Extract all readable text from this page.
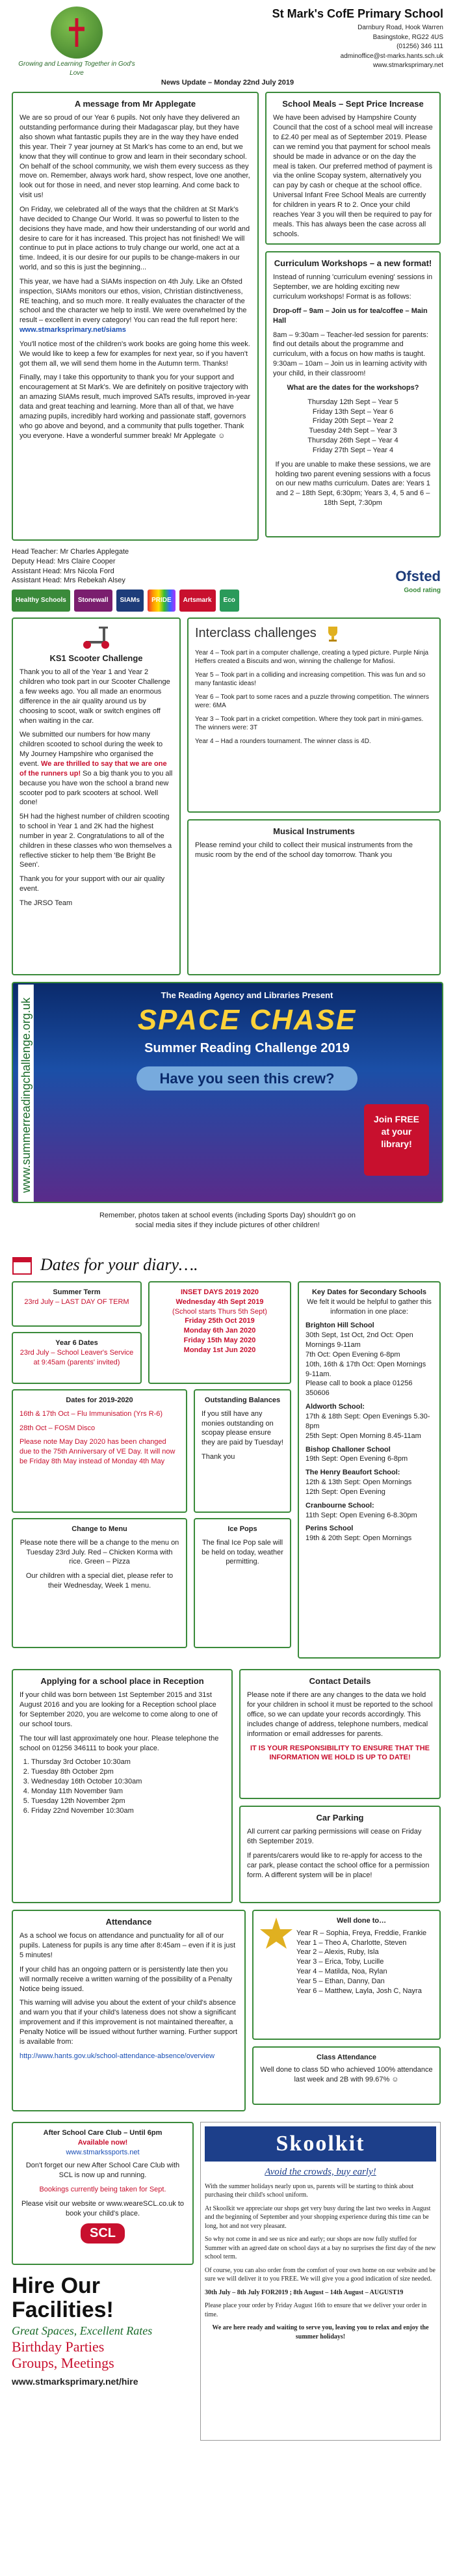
Growing and Learning Together in God's Love
St Mark's CofE Primary School
Darnbury Road, Hook Warren
Basingstoke, RG22 4US
(01256) 346 111
adminoffice@st-marks.hants.sch.uk
www.stmarksprimary.net
News Update – Monday 22nd July 2019
A message from Mr Applegate

We are so proud of our Year 6 pupils. Not only have they delivered an outstanding performance during their Madagascar play, but they have also shown what fantastic pupils they are in the way they have ended this year. Their 7 year journey at St Mark's has come to an end, but we know that they will continue to grow and learn in their secondary school. On behalf of the school community, we wish them every success as they move on. Remember, always work hard, show respect, love one another, look out for those in need, and never stop learning. And come back to visit us!

On Friday, we celebrated all of the ways that the children at St Mark's have decided to Change Our World. It was so powerful to listen to the decisions they have made, and how their understanding of our world and desire to care for it has increased. This project has not finished! We will continue to put in place actions to truly change our world, one act at a time. Indeed, it is our desire for our pupils to be change-makers in our world, and so this is just the beginning...

This year, we have had a SIAMs inspection on 4th July. Like an Ofsted inspection, SIAMs monitors our ethos, vision, Christian distinctiveness, RE teaching, and so much more. It really evaluates the character of the school and the character we help to instil. We were overwhelmed by the result – excellent in every category! You can read the full report here: www.stmarksprimary.net/siams

You'll notice most of the children's work books are going home this week. We would like to keep a few for examples for next year, so if you haven't got them all, we will send them home in the Autumn term. Thanks!

Finally, may I take this opportunity to thank you for your support and encouragement at St Mark's. We are definitely on positive trajectory with an amazing SIAMs result, much improved SATs results, improved in-year data and great teaching and learning. More than all of that, we have amazing pupils, incredibly hard working and passionate staff, governors who go above and beyond, and a community that pulls together. Thank you everyone. Have a wonderful summer break! Mr Applegate ☺

School Meals – Sept Price Increase

We have been advised by Hampshire County Council that the cost of a school meal will increase to £2.40 per meal as of September 2019. Please can we remind you that payment for school meals should be made in advance or on the day the meal is taken. Our preferred method of payment is via the online Scopay system, alternatively you can pay by cash or cheque at the school office. Universal Infant Free School Meals are currently for children in years R to 2. Once your child reaches Year 3 you will then be required to pay for meals. This has always been the case across all schools.

Curriculum Workshops – a new format!

Instead of running 'curriculum evening' sessions in September, we are holding exciting new curriculum workshops! Format is as follows:

Drop-off – 9am – Join us for tea/coffee – Main Hall

8am – 9:30am – Teacher-led session for parents: find out details about the programme and curriculum, with a focus on how maths is taught. 9:30am – 10am – Join us in learning activity with your child, in their classroom!

What are the dates for the workshops?

Thursday 12th Sept – Year 5
Friday 13th Sept – Year 6
Friday 20th Sept – Year 2
Tuesday 24th Sept – Year 3
Thursday 26th Sept – Year 4
Friday 27th Sept – Year 4

If you are unable to make these sessions, we are holding two parent evening sessions with a focus on our new maths curriculum. Dates are: Years 1 and 2 – 18th Sept, 6:30pm; Years 3, 4, 5 and 6 – 18th Sept, 7:30pm

Head Teacher: Mr Charles Applegate
Deputy Head: Mrs Claire Cooper
Assistant Head: Mrs Nicola Ford
Assistant Head: Mrs Rebekah Alsey
Healthy Schools	Stonewall	SIAMs	PRIDE	Artsmark	Eco
Ofsted
Good rating
KS1 Scooter Challenge

Thank you to all of the Year 1 and Year 2 children who took part in our Scooter Challenge a few weeks ago. You all made an enormous difference in the air quality around us by choosing to scoot, walk or switch engines off when waiting in the car.

We submitted our numbers for how many children scooted to school during the week to My Journey Hampshire who organised the event. We are thrilled to say that we are one of the runners up! So a big thank you to you all because you have won the school a brand new scooter pod to park scooters at school. Well done!

5H had the highest number of children scooting to school in Year 1 and 2K had the highest number in year 2. Congratulations to all of the children in these classes who won themselves a reflective sticker to help them 'Be Bright Be Seen'.

Thank you for your support with our air quality event.

The JRSO Team

Interclass challenges

Year 4 – Took part in a computer challenge, creating a typed picture. Purple Ninja Heffers created a Biscuits and won, winning the challenge for Mafiosi.

Year 5 – Took part in a colliding and increasing competition. This was fun and so many fantastic ideas!

Year 6 – Took part to some races and a puzzle throwing competition. The winners were: 6MA

Year 3 – Took part in a cricket competition. Where they took part in mini-games. The winners were: 3T

Year 4 – Had a rounders tournament. The winner class is 4D.

Musical Instruments

Please remind your child to collect their musical instruments from the music room by the end of the school day tomorrow. Thank you

www.summerreadingchallenge.org.uk
The Reading Agency and Libraries Present
SPACE CHASE
Summer Reading Challenge 2019
Have you seen this crew?
Join FREE at your library!
Remember, photos taken at school events (including Sports Day) shouldn't go on social media sites if they include pictures of other children!
Dates for your diary….
Summer Term
23rd July – LAST DAY OF TERM
Year 6 Dates
23rd July – School Leaver's Service at 9:45am (parents' invited)
INSET DAYS 2019 2020
Wednesday 4th Sept 2019
(School starts Thurs 5th Sept)
Friday 25th Oct 2019
Monday 6th Jan 2020
Friday 15th May 2020
Monday 1st Jun 2020
Dates for 2019-2020

16th & 17th Oct – Flu Immunisation (Yrs R-6)

28th Oct – FOSM Disco

Please note May Day 2020 has been changed due to the 75th Anniversary of VE Day. It will now be Friday 8th May instead of Monday 4th May

Outstanding Balances

If you still have any monies outstanding on scopay please ensure they are paid by Tuesday!

Thank you

Change to Menu

Please note there will be a change to the menu on Tuesday 23rd July. Red – Chicken Korma with rice. Green – Pizza

Our children with a special diet, please refer to their Wednesday, Week 1 menu.

Ice Pops

The final Ice Pop sale will be held on today, weather permitting.

Key Dates for Secondary Schools

We felt it would be helpful to gather this information in one place:

Brighton Hill School
30th Sept, 1st Oct, 2nd Oct: Open Mornings 9-11am
7th Oct: Open Evening 6-8pm
10th, 16th & 17th Oct: Open Mornings 9-11am.
Please call to book a place 01256 350606
Aldworth School:
17th & 18th Sept: Open Evenings 5.30-8pm
25th Sept: Open Morning 8.45-11am
Bishop Challoner School
19th Sept: Open Evening 6-8pm
The Henry Beaufort School:
12th & 13th Sept: Open Mornings
12th Sept: Open Evening
Cranbourne School:
11th Sept: Open Evening 6-8.30pm
Perins School
19th & 20th Sept: Open Mornings
Applying for a school place in Reception

If your child was born between 1st September 2015 and 31st August 2016 and you are looking for a Reception school place for September 2020, you are welcome to come along to one of our school tours.

The tour will last approximately one hour. Please telephone the school on 01256 346111 to book your place.

1. Thursday 3rd October 10:30am
2. Tuesday 8th October 2pm
3. Wednesday 16th October 10:30am
4. Monday 11th November 9am
5. Tuesday 12th November 2pm
6. Friday 22nd November 10:30am
Contact Details

Please note if there are any changes to the data we hold for your children in school it must be reported to the school office, so we can update your records accordingly. This includes change of address, telephone numbers, medical information or email addresses for parents.

IT IS YOUR RESPONSIBILITY TO ENSURE THAT THE INFORMATION WE HOLD IS UP TO DATE!

Car Parking

All current car parking permissions will cease on Friday 6th September 2019.

If parents/carers would like to re-apply for access to the car park, please contact the school office for a permission form. A different system will be in place!

Attendance

As a school we focus on attendance and punctuality for all of our pupils. Lateness for pupils is any time after 8:45am – even if it is just 5 minutes!

If your child has an ongoing pattern or is persistently late then you will normally receive a written warning of the possibility of a Penalty Notice being issued.

This warning will advise you about the extent of your child's absence and warn you that if your child's lateness does not show a significant improvement and if this improvement is not maintained thereafter, a Penalty Notice will be issued without further warning. Further support is available from:

http://www.hants.gov.uk/school-attendance-absence/overview

Well done to…
Year R – Sophia, Freya, Freddie, Frankie
Year 1 – Theo A, Charlotte, Steven
Year 2 – Alexis, Ruby, Isla
Year 3 – Erica, Toby, Lucille
Year 4 – Matilda, Noa, Rylan
Year 5 – Ethan, Danny, Dan
Year 6 – Matthew, Layla, Josh C, Nayra
Class Attendance
Well done to class 5D who achieved 100% attendance last week and 2B with 99.67% ☺
After School Care Club – Until 6pm
Available now!
www.stmarkssports.net

Don't forget our new After School Care Club with SCL is now up and running.

Bookings currently being taken for Sept.

Please visit our website or www.weareSCL.co.uk to book your child's place.

SCL
Hire Our Facilities!
Great Spaces, Excellent Rates
Birthday Parties
Groups, Meetings
www.stmarksprimary.net/hire
Skoolkit
Avoid the crowds, buy early!

With the summer holidays nearly upon us, parents will be starting to think about purchasing their child's school uniform.

At Skoolkit we appreciate our shops get very busy during the last two weeks in August and the beginning of September and your shopping experience during this time can be long, hot and not very pleasant.

So why not come in and see us nice and early; our shops are now fully stuffed for Summer with an agreed date on school days at a bay no surprises the first day of the new school term.

Of course, you can also order from the comfort of your own home on our website and be sure we will deliver it to you FREE. We will give you a good indication of size needed.

30th July – 8th July FOR2019 ; 8th August – 14th August – AUGUST19

Please place your order by Friday August 16th to ensure that we deliver your order in time.

We are here ready and waiting to serve you, leaving you to relax and enjoy the summer holidays!
